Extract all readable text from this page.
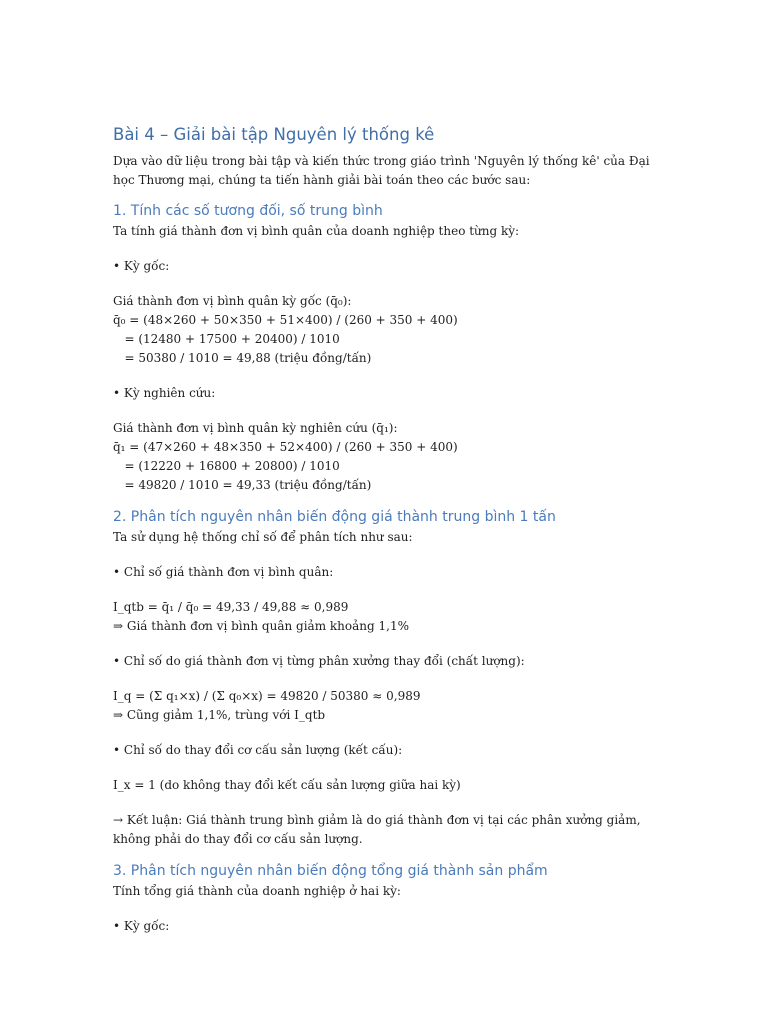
Bài 4 – Giải bài tập Nguyên lý thống kê

Dựa vào dữ liệu trong bài tập và kiến thức trong giáo trình 'Nguyên lý thống kê' của Đại học Thương mại, chúng ta tiến hành giải bài toán theo các bước sau:

1. Tính các số tương đối, số trung bình

Ta tính giá thành đơn vị bình quân của doanh nghiệp theo từng kỳ:

• Kỳ gốc:

Giá thành đơn vị bình quân kỳ gốc (q̄₀):

q̄₀ = (48×260 + 50×350 + 51×400) / (260 + 350 + 400)

= (12480 + 17500 + 20400) / 1010

= 50380 / 1010 = 49,88 (triệu đồng/tấn)

• Kỳ nghiên cứu:

Giá thành đơn vị bình quân kỳ nghiên cứu (q̄₁):

q̄₁ = (47×260 + 48×350 + 52×400) / (260 + 350 + 400)

= (12220 + 16800 + 20800) / 1010

= 49820 / 1010 = 49,33 (triệu đồng/tấn)

2. Phân tích nguyên nhân biến động giá thành trung bình 1 tấn

Ta sử dụng hệ thống chỉ số để phân tích như sau:

• Chỉ số giá thành đơn vị bình quân:

I_qtb = q̄₁ / q̄₀ = 49,33 / 49,88 ≈ 0,989

⇒ Giá thành đơn vị bình quân giảm khoảng 1,1%

• Chỉ số do giá thành đơn vị từng phân xưởng thay đổi (chất lượng):

I_q = (Σ q₁×x) / (Σ q₀×x) = 49820 / 50380 ≈ 0,989

⇒ Cũng giảm 1,1%, trùng với I_qtb

• Chỉ số do thay đổi cơ cấu sản lượng (kết cấu):

I_x = 1 (do không thay đổi kết cấu sản lượng giữa hai kỳ)

→ Kết luận: Giá thành trung bình giảm là do giá thành đơn vị tại các phân xưởng giảm, không phải do thay đổi cơ cấu sản lượng.

3. Phân tích nguyên nhân biến động tổng giá thành sản phẩm

Tính tổng giá thành của doanh nghiệp ở hai kỳ:

• Kỳ gốc:
